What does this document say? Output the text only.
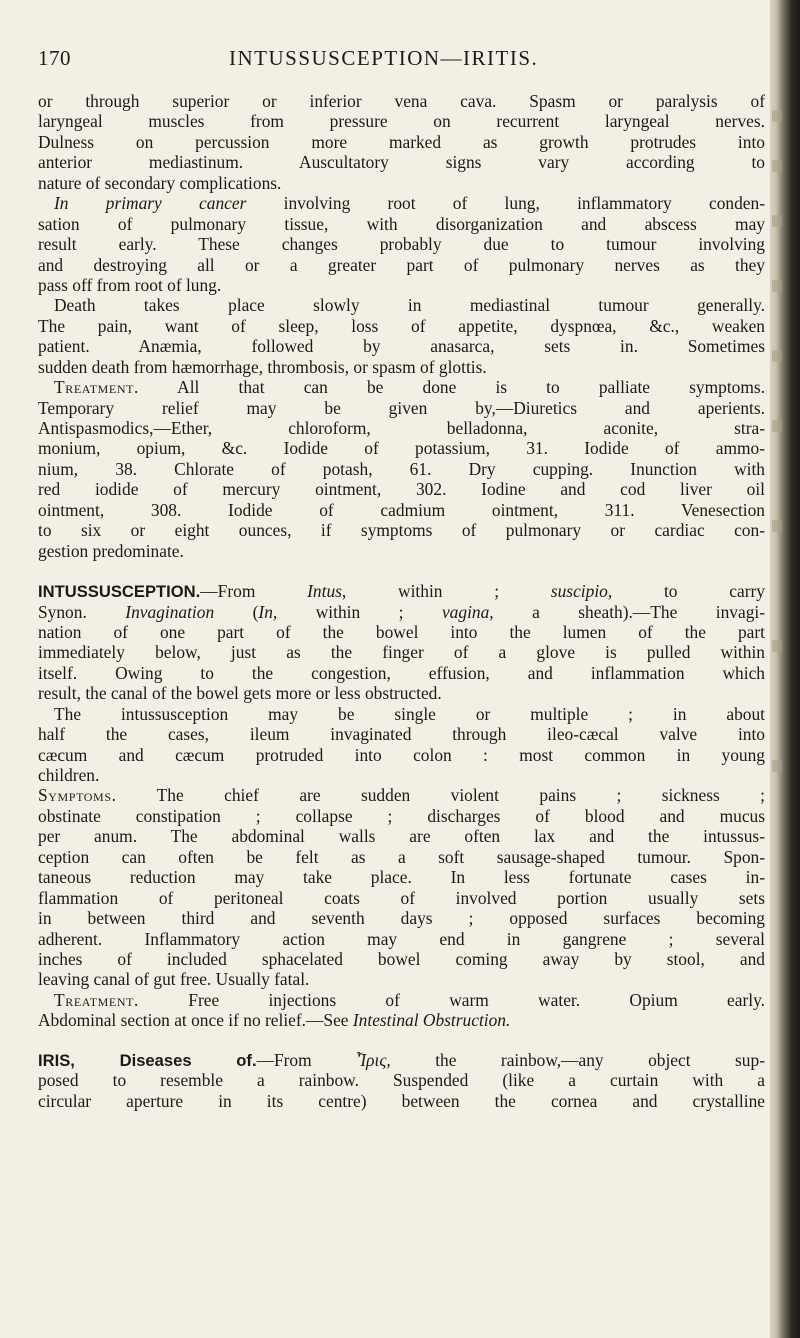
170	INTUSSUSCEPTION—IRITIS.
or through superior or inferior vena cava. Spasm or paralysis of
laryngeal muscles from pressure on recurrent laryngeal nerves.
Dulness on percussion more marked as growth protrudes into
anterior mediastinum. Auscultatory signs vary according to
nature of secondary complications.
In primary cancer involving root of lung, inflammatory conden-
sation of pulmonary tissue, with disorganization and abscess may
result early. These changes probably due to tumour involving
and destroying all or a greater part of pulmonary nerves as they
pass off from root of lung.
Death takes place slowly in mediastinal tumour generally.
The pain, want of sleep, loss of appetite, dyspnœa, &c., weaken
patient. Anæmia, followed by anasarca, sets in. Sometimes
sudden death from hæmorrhage, thrombosis, or spasm of glottis.
Treatment. All that can be done is to palliate symptoms.
Temporary relief may be given by,—Diuretics and aperients.
Antispasmodics,—Ether, chloroform, belladonna, aconite, stra-
monium, opium, &c. Iodide of potassium, 31. Iodide of ammo-
nium, 38. Chlorate of potash, 61. Dry cupping. Inunction with
red iodide of mercury ointment, 302. Iodine and cod liver oil
ointment, 308. Iodide of cadmium ointment, 311. Venesection
to six or eight ounces, if symptoms of pulmonary or cardiac con-
gestion predominate.
INTUSSUSCEPTION.—From Intus, within ; suscipio, to carry
Synon. Invagination (In, within ; vagina, a sheath).—The invagi-
nation of one part of the bowel into the lumen of the part
immediately below, just as the finger of a glove is pulled within
itself. Owing to the congestion, effusion, and inflammation which
result, the canal of the bowel gets more or less obstructed.
The intussusception may be single or multiple ; in about
half the cases, ileum invaginated through ileo-cæcal valve into
cæcum and cæcum protruded into colon : most common in young
children.
Symptoms. The chief are sudden violent pains ; sickness ;
obstinate constipation ; collapse ; discharges of blood and mucus
per anum. The abdominal walls are often lax and the intussus-
ception can often be felt as a soft sausage-shaped tumour. Spon-
taneous reduction may take place. In less fortunate cases in-
flammation of peritoneal coats of involved portion usually sets
in between third and seventh days ; opposed surfaces becoming
adherent. Inflammatory action may end in gangrene ; several
inches of included sphacelated bowel coming away by stool, and
leaving canal of gut free. Usually fatal.
Treatment. Free injections of warm water. Opium early.
Abdominal section at once if no relief.—See Intestinal Obstruction.
IRIS, Diseases of.—From Ἶρις, the rainbow,—any object sup-
posed to resemble a rainbow. Suspended (like a curtain with a
circular aperture in its centre) between the cornea and crystalline
